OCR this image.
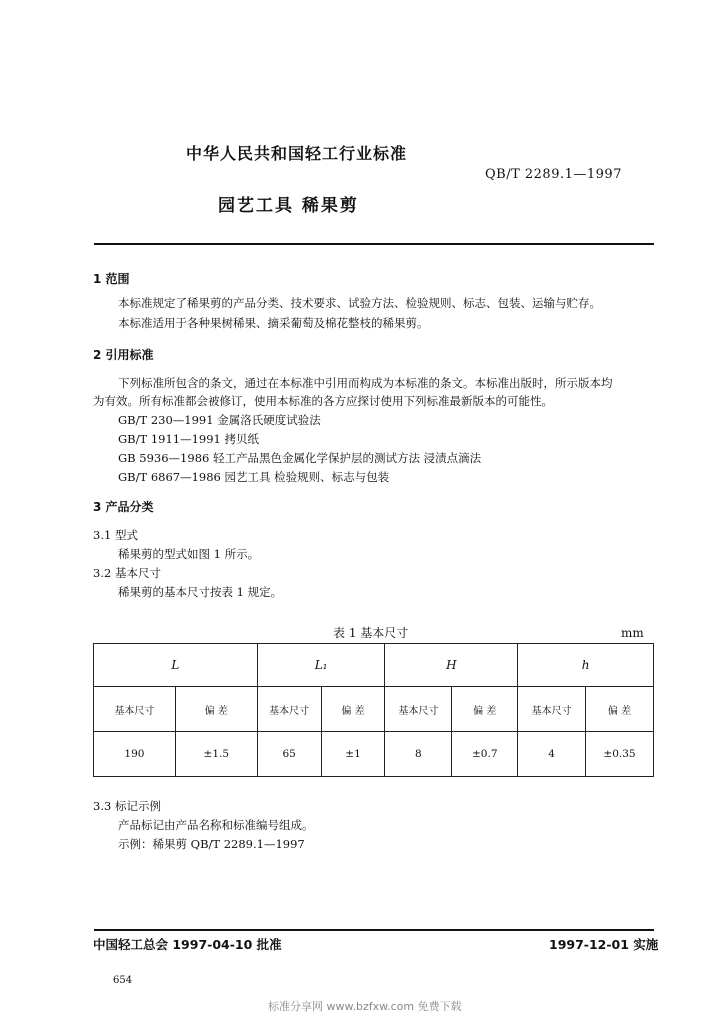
中华人民共和国轻工行业标准
QB/T 2289.1—1997
园艺工具 稀果剪
1 范围
本标准规定了稀果剪的产品分类、技术要求、试验方法、检验规则、标志、包装、运输与贮存。
本标准适用于各种果树稀果、摘采葡萄及棉花整枝的稀果剪。
2 引用标准
下列标准所包含的条文，通过在本标准中引用而构成为本标准的条文。本标准出版时，所示版本均
为有效。所有标准都会被修订，使用本标准的各方应探讨使用下列标准最新版本的可能性。
GB/T 230—1991 金属洛氏硬度试验法
GB/T 1911—1991 拷贝纸
GB 5936—1986 轻工产品黑色金属化学保护层的测试方法 浸渍点滴法
GB/T 6867—1986 园艺工具 检验规则、标志与包装
3 产品分类
3.1 型式
稀果剪的型式如图 1 所示。
3.2 基本尺寸
稀果剪的基本尺寸按表 1 规定。
表 1 基本尺寸	mm
L		L₁		H		h	
基本尺寸	偏 差	基本尺寸	偏 差	基本尺寸	偏 差	基本尺寸	偏 差
190	±1.5	65	±1	8	±0.7	4	±0.35
3.3 标记示例
产品标记由产品名称和标准编号组成。
示例：稀果剪 QB/T 2289.1—1997
中国轻工总会 1997-04-10 批准	1997-12-01 实施
654
标准分享网 www.bzfxw.com 免费下载
